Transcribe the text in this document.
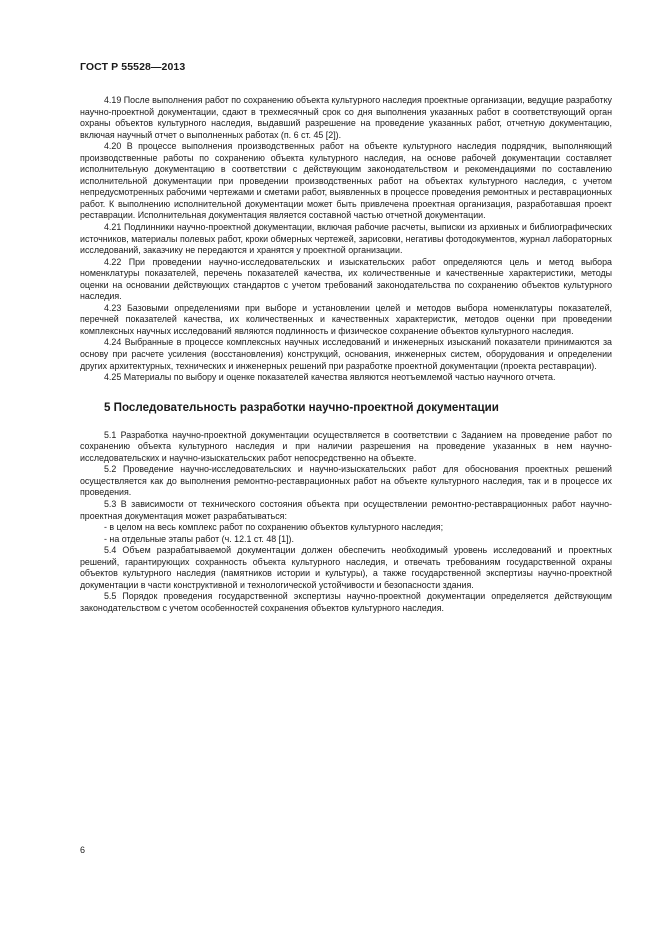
ГОСТ Р 55528—2013

4.19 После выполнения работ по сохранению объекта культурного наследия проектные организации, ведущие разработку научно-проектной документации, сдают в трехмесячный срок со дня выполнения указанных работ в соответствующий орган охраны объектов культурного наследия, выдавший разрешение на проведение указанных работ, отчетную документацию, включая научный отчет о выполненных работах (п. 6 ст. 45 [2]).

4.20 В процессе выполнения производственных работ на объекте культурного наследия подрядчик, выполняющий производственные работы по сохранению объекта культурного наследия, на основе рабочей документации составляет исполнительную документацию в соответствии с действующим законодательством и рекомендациями по составлению исполнительной документации при проведении производственных работ на объектах культурного наследия, с учетом непредусмотренных рабочими чертежами и сметами работ, выявленных в процессе проведения ремонтных и реставрационных работ. К выполнению исполнительной документации может быть привлечена проектная организация, разработавшая проект реставрации. Исполнительная документация является составной частью отчетной документации.

4.21 Подлинники научно-проектной документации, включая рабочие расчеты, выписки из архивных и библиографических источников, материалы полевых работ, кроки обмерных чертежей, зарисовки, негативы фотодокументов, журнал лабораторных исследований, заказчику не передаются и хранятся у проектной организации.

4.22 При проведении научно-исследовательских и изыскательских работ определяются цель и метод выбора номенклатуры показателей, перечень показателей качества, их количественные и качественные характеристики, методы оценки на основании действующих стандартов с учетом требований законодательства по сохранению объектов культурного наследия.

4.23 Базовыми определениями при выборе и установлении целей и методов выбора номенклатуры показателей, перечней показателей качества, их количественных и качественных характеристик, методов оценки при проведении комплексных научных исследований являются подлинность и физическое сохранение объектов культурного наследия.

4.24 Выбранные в процессе комплексных научных исследований и инженерных изысканий показатели принимаются за основу при расчете усиления (восстановления) конструкций, основания, инженерных систем, оборудования и определении других архитектурных, технических и инженерных решений при разработке проектной документации (проекта реставрации).

4.25 Материалы по выбору и оценке показателей качества являются неотъемлемой частью научного отчета.

5 Последовательность разработки научно-проектной документации

5.1 Разработка научно-проектной документации осуществляется в соответствии с Заданием на проведение работ по сохранению объекта культурного наследия и при наличии разрешения на проведение указанных в нем научно-исследовательских и научно-изыскательских работ непосредственно на объекте.

5.2 Проведение научно-исследовательских и научно-изыскательских работ для обоснования проектных решений осуществляется как до выполнения ремонтно-реставрационных работ на объекте культурного наследия, так и в процессе их проведения.

5.3 В зависимости от технического состояния объекта при осуществлении ремонтно-реставрационных работ научно-проектная документация может разрабатываться:

- в целом на весь комплекс работ по сохранению объектов культурного наследия;

- на отдельные этапы работ (ч. 12.1 ст. 48 [1]).

5.4 Объем разрабатываемой документации должен обеспечить необходимый уровень исследований и проектных решений, гарантирующих сохранность объекта культурного наследия, и отвечать требованиям государственной охраны объектов культурного наследия (памятников истории и культуры), а также государственной экспертизы научно-проектной документации в части конструктивной и технологической устойчивости и безопасности здания.

5.5 Порядок проведения государственной экспертизы научно-проектной документации определяется действующим законодательством с учетом особенностей сохранения объектов культурного наследия.

6
